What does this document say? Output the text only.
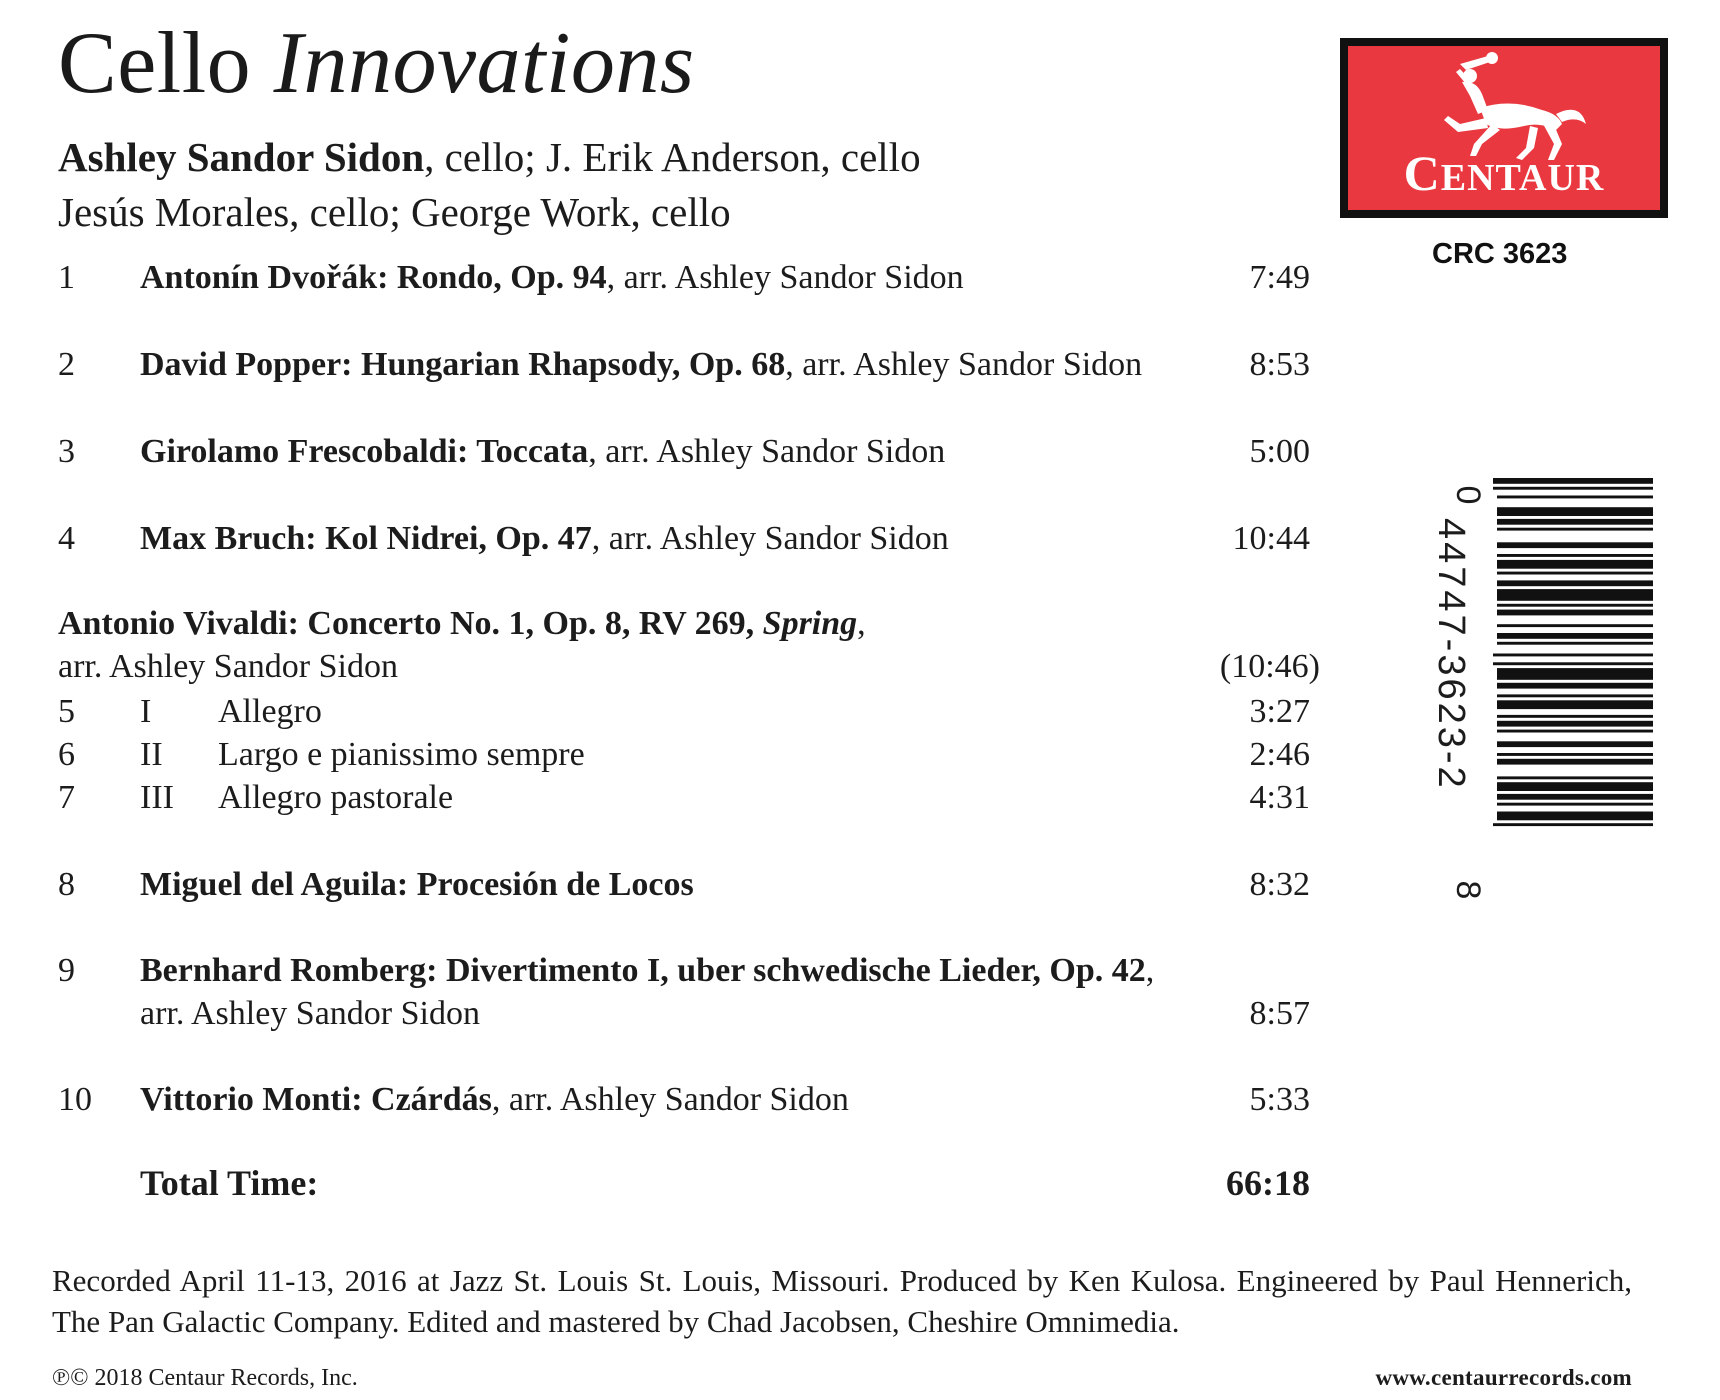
Cello Innovations
Ashley Sandor Sidon, cello; J. Erik Anderson, cello
Jesús Morales, cello; George Work, cello
CENTAUR
CRC 3623
0
44747-3623-2
8
1 Antonín Dvořák: Rondo, Op. 94, arr. Ashley Sandor Sidon	7:49
2 David Popper: Hungarian Rhapsody, Op. 68, arr. Ashley Sandor Sidon	8:53
3 Girolamo Frescobaldi: Toccata, arr. Ashley Sandor Sidon	5:00
4 Max Bruch: Kol Nidrei, Op. 47, arr. Ashley Sandor Sidon	10:44
Antonio Vivaldi: Concerto No. 1, Op. 8, RV 269, Spring,
arr. Ashley Sandor Sidon	(10:46)
5 I Allegro	3:27
6 II Largo e pianissimo sempre	2:46
7 III Allegro pastorale	4:31
8 Miguel del Aguila: Procesión de Locos	8:32
9 Bernhard Romberg: Divertimento I, uber schwedische Lieder, Op. 42,
arr. Ashley Sandor Sidon	8:57
10 Vittorio Monti: Czárdás, arr. Ashley Sandor Sidon	5:33
Total Time:	66:18
Recorded April 11-13, 2016 at Jazz St. Louis St. Louis, Missouri. Produced by Ken Kulosa. Engineered by Paul Hennerich, The Pan Galactic Company. Edited and mastered by Chad Jacobsen, Cheshire Omnimedia.
℗© 2018 Centaur Records, Inc.	www.centaurrecords.com
